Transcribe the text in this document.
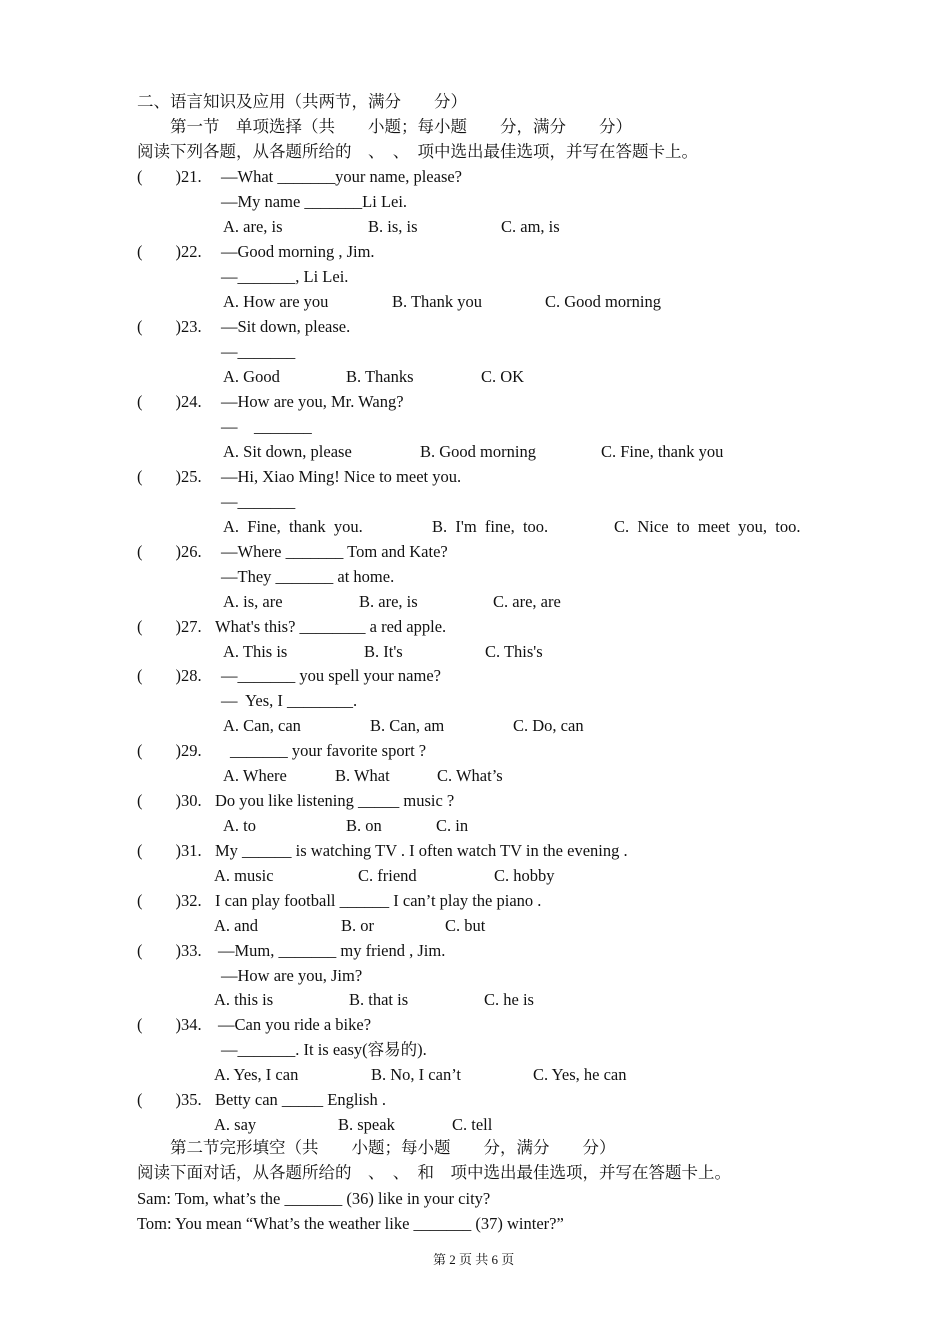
二、语言知识及应用（共两节，满分　　分）
第一节　单项选择（共　　小题；每小题　　分，满分　　分）
阅读下列各题，从各题所给的　、　、　项中选出最佳选项，并写在答题卡上。
(　　)21. —What _______your name, please?
—My name _______Li Lei.
A. are, is	B. is, is	C. am, is
(　　)22. —Good morning , Jim.
—_______, Li Lei.
A. How are you	B. Thank you	C. Good morning
(　　)23. —Sit down, please.
—_______
A. Good	B. Thanks	C. OK
(　　)24. —How are you, Mr. Wang?
—　_______
A. Sit down, please	B. Good morning	C. Fine, thank you
(　　)25. —Hi, Xiao Ming! Nice to meet you.
—_______
A.  Fine,  thank  you.	B.  I'm  fine,  too.	C.  Nice  to  meet  you,  too.
(　　)26. —Where _______ Tom and Kate?
—They _______ at home.
A. is, are	B. are, is	C. are, are
(　　)27. What's this? ________ a red apple.
A. This is	B. It's	C. This's
(　　)28. —_______ you spell your name?
—  Yes, I ________.
A. Can, can	B. Can, am	C. Do, can
(　　)29. _______ your favorite sport ?
A. Where	B. What	C. What’s
(　　)30. Do you like listening _____ music ?
A. to	B. on	C. in
(　　)31. My ______ is watching TV . I often watch TV in the evening .
A. music	C. friend	C. hobby
(　　)32. I can play football ______ I can’t play the piano .
A. and	B. or	C. but
(　　)33. —Mum, _______ my friend , Jim.
—How are you, Jim?
A. this is	B. that is	C. he is
(　　)34. —Can you ride a bike?
—_______. It is easy(容易的).
A. Yes, I can	B. No, I can’t	C. Yes, he can
(　　)35. Betty can _____ English .
A. say	B. speak	C. tell
第二节完形填空（共　　小题；每小题　　分，满分　　分）
阅读下面对话，从各题所给的　、　、　和　项中选出最佳选项，并写在答题卡上。
Sam: Tom, what’s the _______ (36) like in your city?
Tom: You mean “What’s the weather like _______ (37) winter?”
第 2 页 共 6 页
